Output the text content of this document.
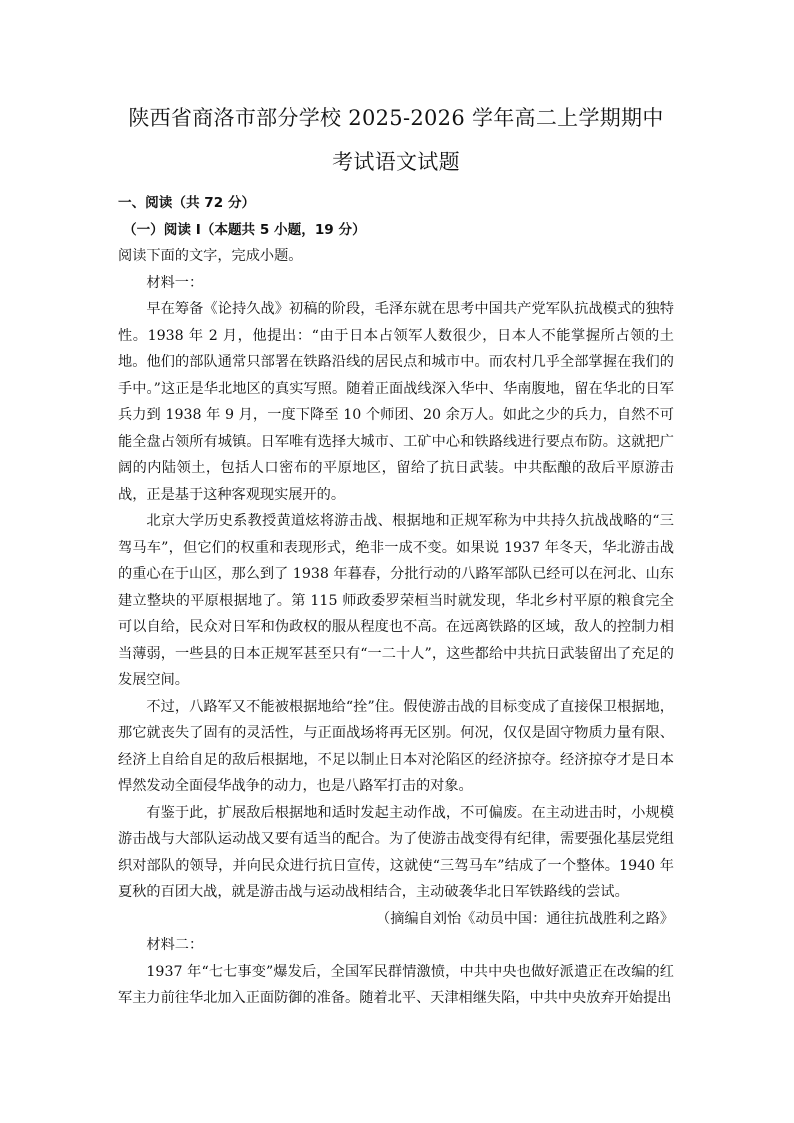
陕西省商洛市部分学校 2025-2026 学年高二上学期期中

考试语文试题

一、阅读（共 72 分）

（一）阅读 Ⅰ（本题共 5 小题，19 分）

阅读下面的文字，完成小题。

材料一：

早在筹备《论持久战》初稿的阶段，毛泽东就在思考中国共产党军队抗战模式的独特性。1938 年 2 月，他提出：“由于日本占领军人数很少，日本人不能掌握所占领的土地。他们的部队通常只部署在铁路沿线的居民点和城市中。而农村几乎全部掌握在我们的手中。”这正是华北地区的真实写照。随着正面战线深入华中、华南腹地，留在华北的日军兵力到 1938 年 9 月，一度下降至 10 个师团、20 余万人。如此之少的兵力，自然不可能全盘占领所有城镇。日军唯有选择大城市、工矿中心和铁路线进行要点布防。这就把广阔的内陆领土，包括人口密布的平原地区，留给了抗日武装。中共酝酿的敌后平原游击战，正是基于这种客观现实展开的。

北京大学历史系教授黄道炫将游击战、根据地和正规军称为中共持久抗战战略的“三驾马车”，但它们的权重和表现形式，绝非一成不变。如果说 1937 年冬天，华北游击战的重心在于山区，那么到了 1938 年暮春，分批行动的八路军部队已经可以在河北、山东建立整块的平原根据地了。第 115 师政委罗荣桓当时就发现，华北乡村平原的粮食完全可以自给，民众对日军和伪政权的服从程度也不高。在远离铁路的区域，敌人的控制力相当薄弱，一些县的日本正规军甚至只有“一二十人”，这些都给中共抗日武装留出了充足的发展空间。

不过，八路军又不能被根据地给“拴”住。假使游击战的目标变成了直接保卫根据地，那它就丧失了固有的灵活性，与正面战场将再无区别。何况，仅仅是固守物质力量有限、经济上自给自足的敌后根据地，不足以制止日本对沦陷区的经济掠夺。经济掠夺才是日本悍然发动全面侵华战争的动力，也是八路军打击的对象。

有鉴于此，扩展敌后根据地和适时发起主动作战，不可偏废。在主动进击时，小规模游击战与大部队运动战又要有适当的配合。为了使游击战变得有纪律，需要强化基层党组织对部队的领导，并向民众进行抗日宣传，这就使“三驾马车”结成了一个整体。1940 年夏秋的百团大战，就是游击战与运动战相结合，主动破袭华北日军铁路线的尝试。

（摘编自刘怡《动员中国：通往抗战胜利之路》

材料二：

1937 年“七七事变”爆发后，全国军民群情激愤，中共中央也做好派遣正在改编的红军主力前往华北加入正面防御的准备。随着北平、天津相继失陷，中共中央放弃开始提出
